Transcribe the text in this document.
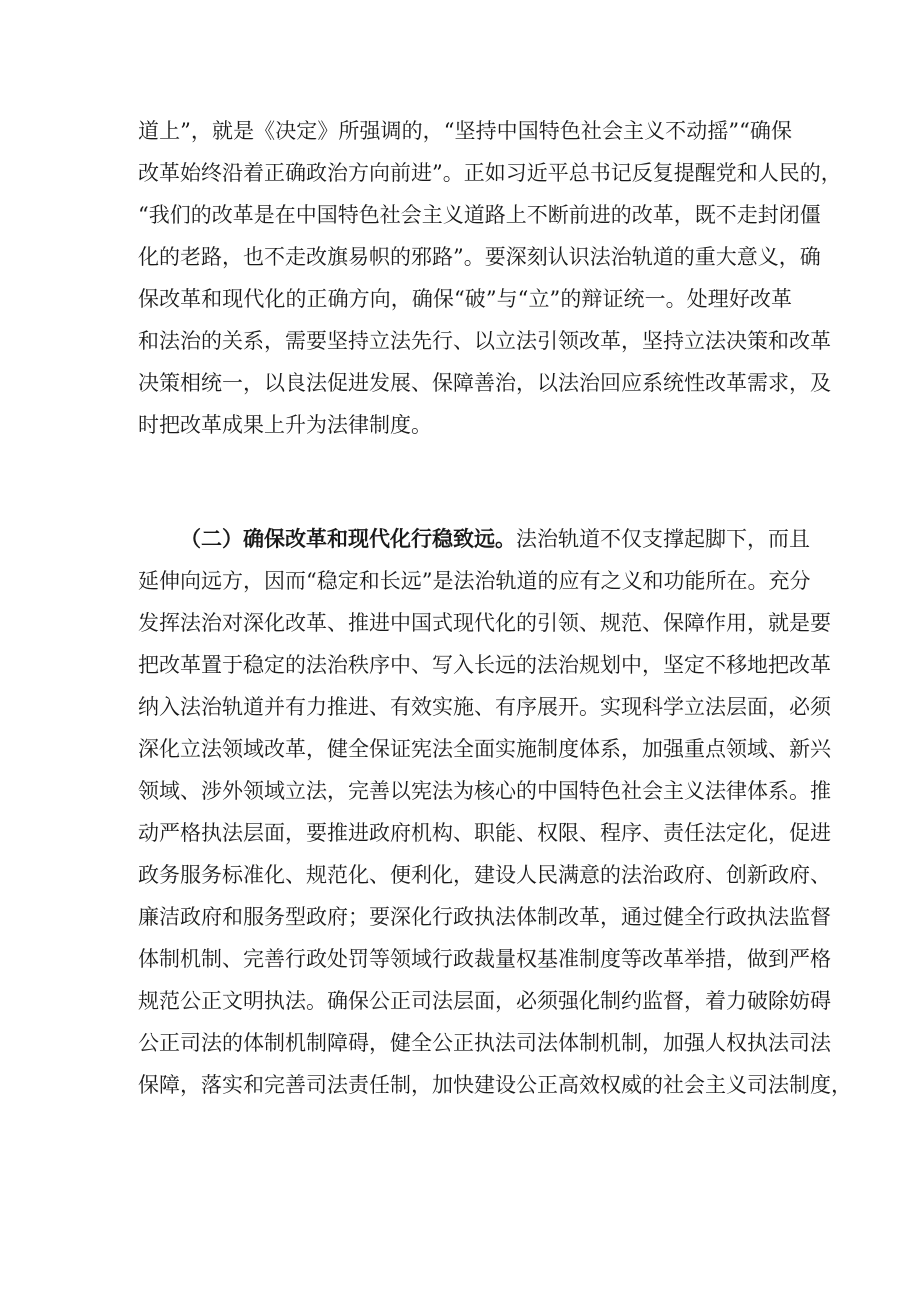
道上”，就是《决定》所强调的，“坚持中国特色社会主义不动摇”“确保
改革始终沿着正确政治方向前进”。正如习近平总书记反复提醒党和人民的，
“我们的改革是在中国特色社会主义道路上不断前进的改革，既不走封闭僵
化的老路，也不走改旗易帜的邪路”。要深刻认识法治轨道的重大意义，确
保改革和现代化的正确方向，确保“破”与“立”的辩证统一。处理好改革
和法治的关系，需要坚持立法先行、以立法引领改革，坚持立法决策和改革
决策相统一，以良法促进发展、保障善治，以法治回应系统性改革需求，及
时把改革成果上升为法律制度。
（二）确保改革和现代化行稳致远。法治轨道不仅支撑起脚下，而且
延伸向远方，因而“稳定和长远”是法治轨道的应有之义和功能所在。充分
发挥法治对深化改革、推进中国式现代化的引领、规范、保障作用，就是要
把改革置于稳定的法治秩序中、写入长远的法治规划中，坚定不移地把改革
纳入法治轨道并有力推进、有效实施、有序展开。实现科学立法层面，必须
深化立法领域改革，健全保证宪法全面实施制度体系，加强重点领域、新兴
领域、涉外领域立法，完善以宪法为核心的中国特色社会主义法律体系。推
动严格执法层面，要推进政府机构、职能、权限、程序、责任法定化，促进
政务服务标准化、规范化、便利化，建设人民满意的法治政府、创新政府、
廉洁政府和服务型政府；要深化行政执法体制改革，通过健全行政执法监督
体制机制、完善行政处罚等领域行政裁量权基准制度等改革举措，做到严格
规范公正文明执法。确保公正司法层面，必须强化制约监督，着力破除妨碍
公正司法的体制机制障碍，健全公正执法司法体制机制，加强人权执法司法
保障，落实和完善司法责任制，加快建设公正高效权威的社会主义司法制度，
